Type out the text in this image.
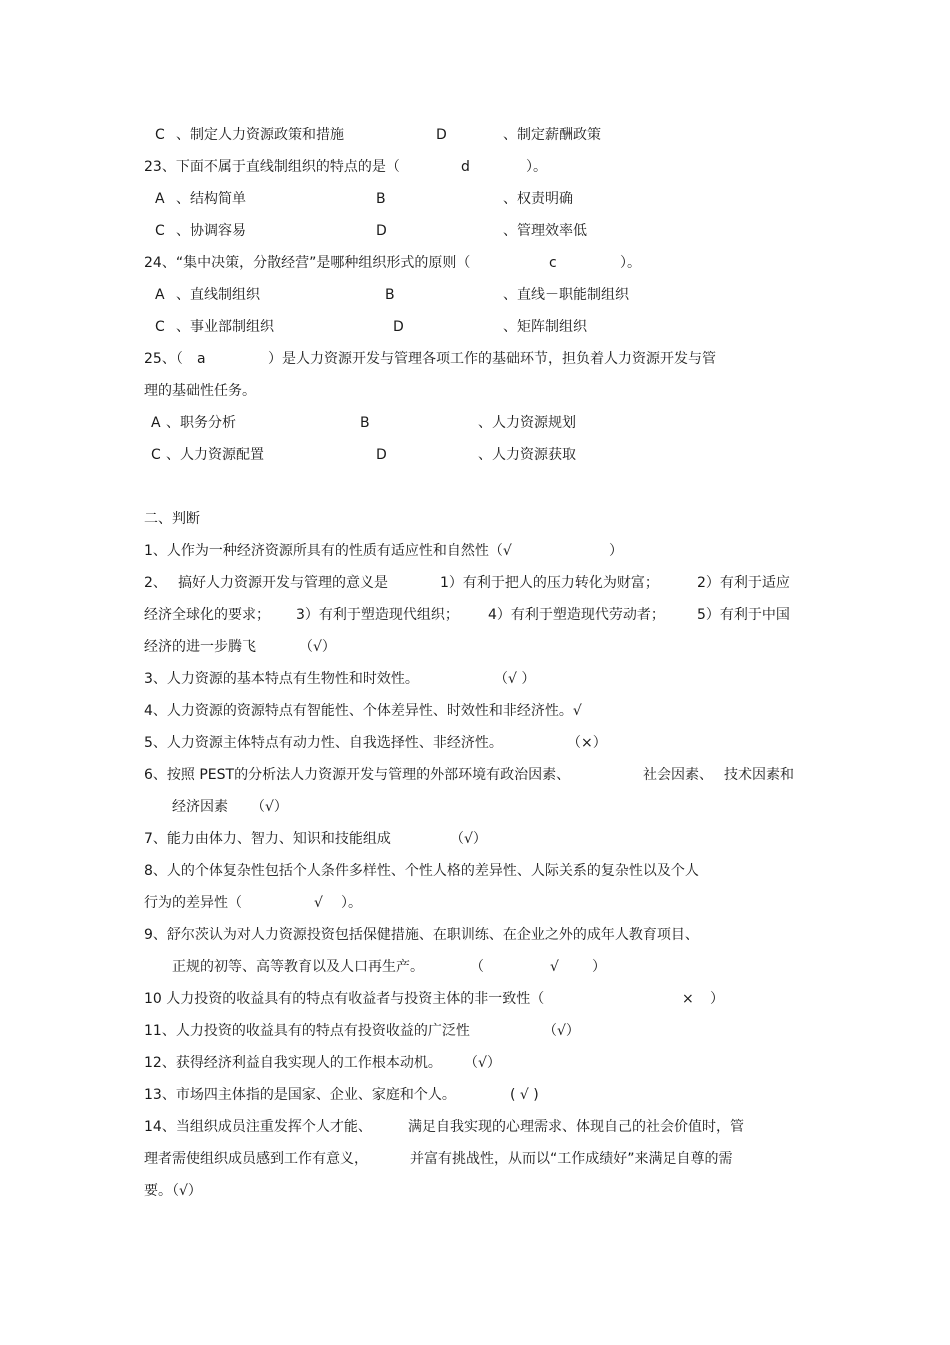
C 、制定人力资源政策和措施	D	、制定薪酬政策
23、下面不属于直线制组织的特点的是（	d	）。
A 、结构简单	B	、权责明确
C 、协调容易	D	、管理效率低
24、“集中决策，分散经营”是哪种组织形式的原则（	c	）。
A 、直线制组织	B	、直线－职能制组织
C 、事业部制组织	D	、矩阵制组织
25、（ a	）是人力资源开发与管理各项工作的基础环节，担负着人力资源开发与管
理的基础性任务。
A 、职务分析	B	、人力资源规划
C 、人力资源配置	D	、人力资源获取
二、判断
1、人作为一种经济资源所具有的性质有适应性和自然性（√	）
2、 搞好人力资源开发与管理的意义是	1）有利于把人的压力转化为财富；	2）有利于适应
经济全球化的要求； 3）有利于塑造现代组织； 4）有利于塑造现代劳动者； 5）有利于中国
经济的进一步腾飞	（√）
3、人力资源的基本特点有生物性和时效性。	（√ ）
4、人力资源的资源特点有智能性、个体差异性、时效性和非经济性。√
5、人力资源主体特点有动力性、自我选择性、非经济性。	（×）
6、按照 PEST的分析法人力资源开发与管理的外部环境有政治因素、	社会因素、 技术因素和
经济因素 （√）
7、能力由体力、智力、知识和技能组成	（√）
8、人的个体复杂性包括个人条件多样性、个性人格的差异性、人际关系的复杂性以及个人
行为的差异性（	√ ）。
9、舒尔茨认为对人力资源投资包括保健措施、在职训练、在企业之外的成年人教育项目、
正规的初等、高等教育以及人口再生产。	（	√ ）
10 人力投资的收益具有的特点有收益者与投资主体的非一致性（	× ）
11、人力投资的收益具有的特点有投资收益的广泛性	（√）
12、获得经济利益自我实现人的工作根本动机。 （√）
13、市场四主体指的是国家、企业、家庭和个人。	( √ )
14、当组织成员注重发挥个人才能、	满足自我实现的心理需求、体现自己的社会价值时，管
理者需使组织成员感到工作有意义，	并富有挑战性，从而以“工作成绩好”来满足自尊的需
要。（√）
